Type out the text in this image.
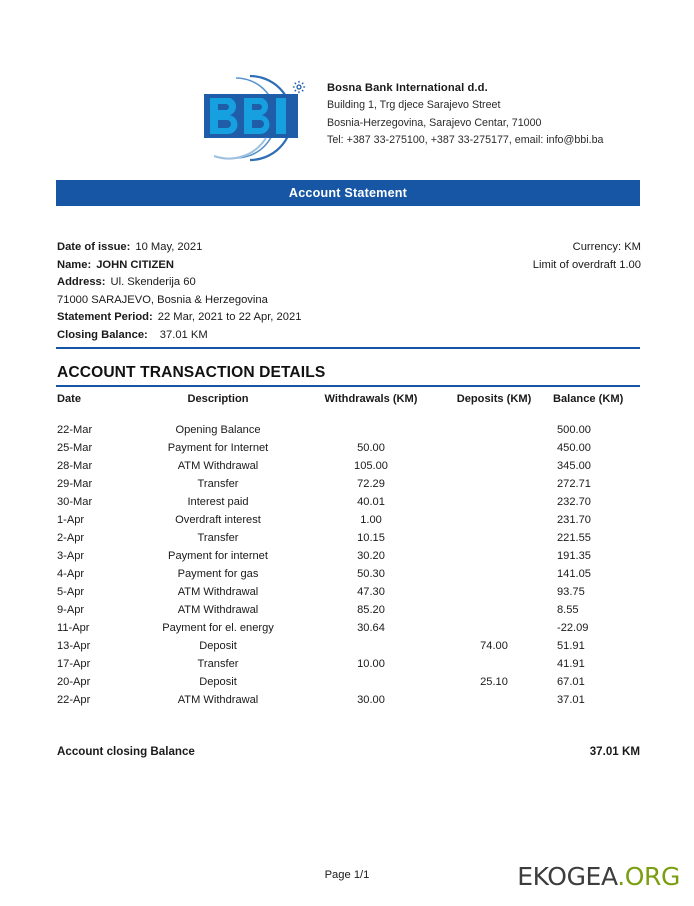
Bosna Bank International d.d.
Building 1, Trg djece Sarajevo Street
Bosnia-Herzegovina, Sarajevo Centar, 71000
Tel: +387 33-275100, +387 33-275177, email: info@bbi.ba
Account Statement
Date of issue: 10 May, 2021	Currency: KM
Name: JOHN CITIZEN	Limit of overdraft 1.00
Address: Ul. Skenderija 60
71000 SARAJEVO, Bosnia & Herzegovina
Statement Period: 22 Mar, 2021 to 22 Apr, 2021
Closing Balance: 37.01 KM
ACCOUNT TRANSACTION DETAILS
Date	Description	Withdrawals (KM)	Deposits (KM)	Balance (KM)

22-Mar	Opening Balance			500.00
25-Mar	Payment for Internet	50.00		450.00
28-Mar	ATM Withdrawal	105.00		345.00
29-Mar	Transfer	72.29		272.71
30-Mar	Interest paid	40.01		232.70
1-Apr	Overdraft interest	1.00		231.70
2-Apr	Transfer	10.15		221.55
3-Apr	Payment for internet	30.20		191.35
4-Apr	Payment for gas	50.30		141.05
5-Apr	ATM Withdrawal	47.30		93.75
9-Apr	ATM Withdrawal	85.20		8.55
11-Apr	Payment for el. energy	30.64		-22.09
13-Apr	Deposit		74.00	51.91
17-Apr	Transfer	10.00		41.91
20-Apr	Deposit		25.10	67.01
22-Apr	ATM Withdrawal	30.00		37.01
Account closing Balance	37.01 KM
Page 1/1	EKOGEA.ORG
